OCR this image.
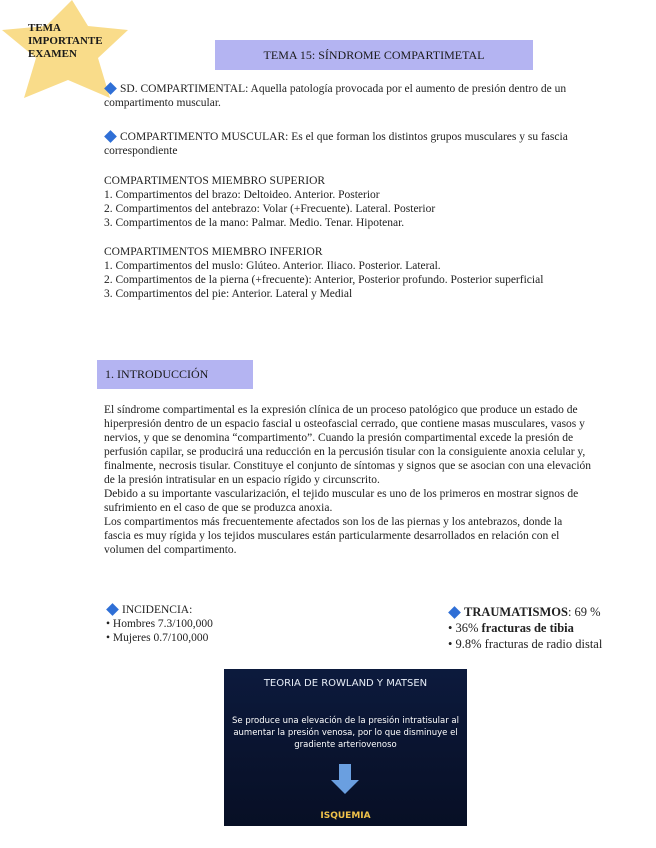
TEMA
IMPORTANTE
EXAMEN	TEMA 15: SÍNDROME COMPARTIMETAL
SD. COMPARTIMENTAL: Aquella patología provocada por el aumento de presión dentro de un
compartimento muscular.
COMPARTIMENTO MUSCULAR: Es el que forman los distintos grupos musculares y su fascia
correspondiente
COMPARTIMENTOS MIEMBRO SUPERIOR
1. Compartimentos del brazo: Deltoideo. Anterior. Posterior
2. Compartimentos del antebrazo: Volar (+Frecuente). Lateral. Posterior
3. Compartimentos de la mano: Palmar. Medio. Tenar. Hipotenar.
COMPARTIMENTOS MIEMBRO INFERIOR
1. Compartimentos del muslo: Glúteo. Anterior. Iliaco. Posterior. Lateral.
2. Compartimentos de la pierna (+frecuente): Anterior, Posterior profundo. Posterior superficial
3. Compartimentos del pie: Anterior. Lateral y Medial
1. INTRODUCCIÓN
El síndrome compartimental es la expresión clínica de un proceso patológico que produce un estado de
hiperpresión dentro de un espacio fascial u osteofascial cerrado, que contiene masas musculares, vasos y
nervios, y que se denomina “compartimento”. Cuando la presión compartimental excede la presión de
perfusión capilar, se producirá una reducción en la percusión tisular con la consiguiente anoxia celular y,
finalmente, necrosis tisular. Constituye el conjunto de síntomas y signos que se asocian con una elevación
de la presión intratisular en un espacio rígido y circunscrito.
Debido a su importante vascularización, el tejido muscular es uno de los primeros en mostrar signos de
sufrimiento en el caso de que se produzca anoxia.
Los compartimentos más frecuentemente afectados son los de las piernas y los antebrazos, donde la
fascia es muy rígida y los tejidos musculares están particularmente desarrollados en relación con el
volumen del compartimento.
INCIDENCIA:
• Hombres 7.3/100,000
• Mujeres 0.7/100,000
TRAUMATISMOS: 69 %
• 36% fracturas de tibia
• 9.8% fracturas de radio distal
TEORIA DE ROWLAND Y MATSEN
Se produce una elevación de la presión intratisular al aumentar la presión venosa, por lo que disminuye el gradiente arteriovenoso
ISQUEMIA
